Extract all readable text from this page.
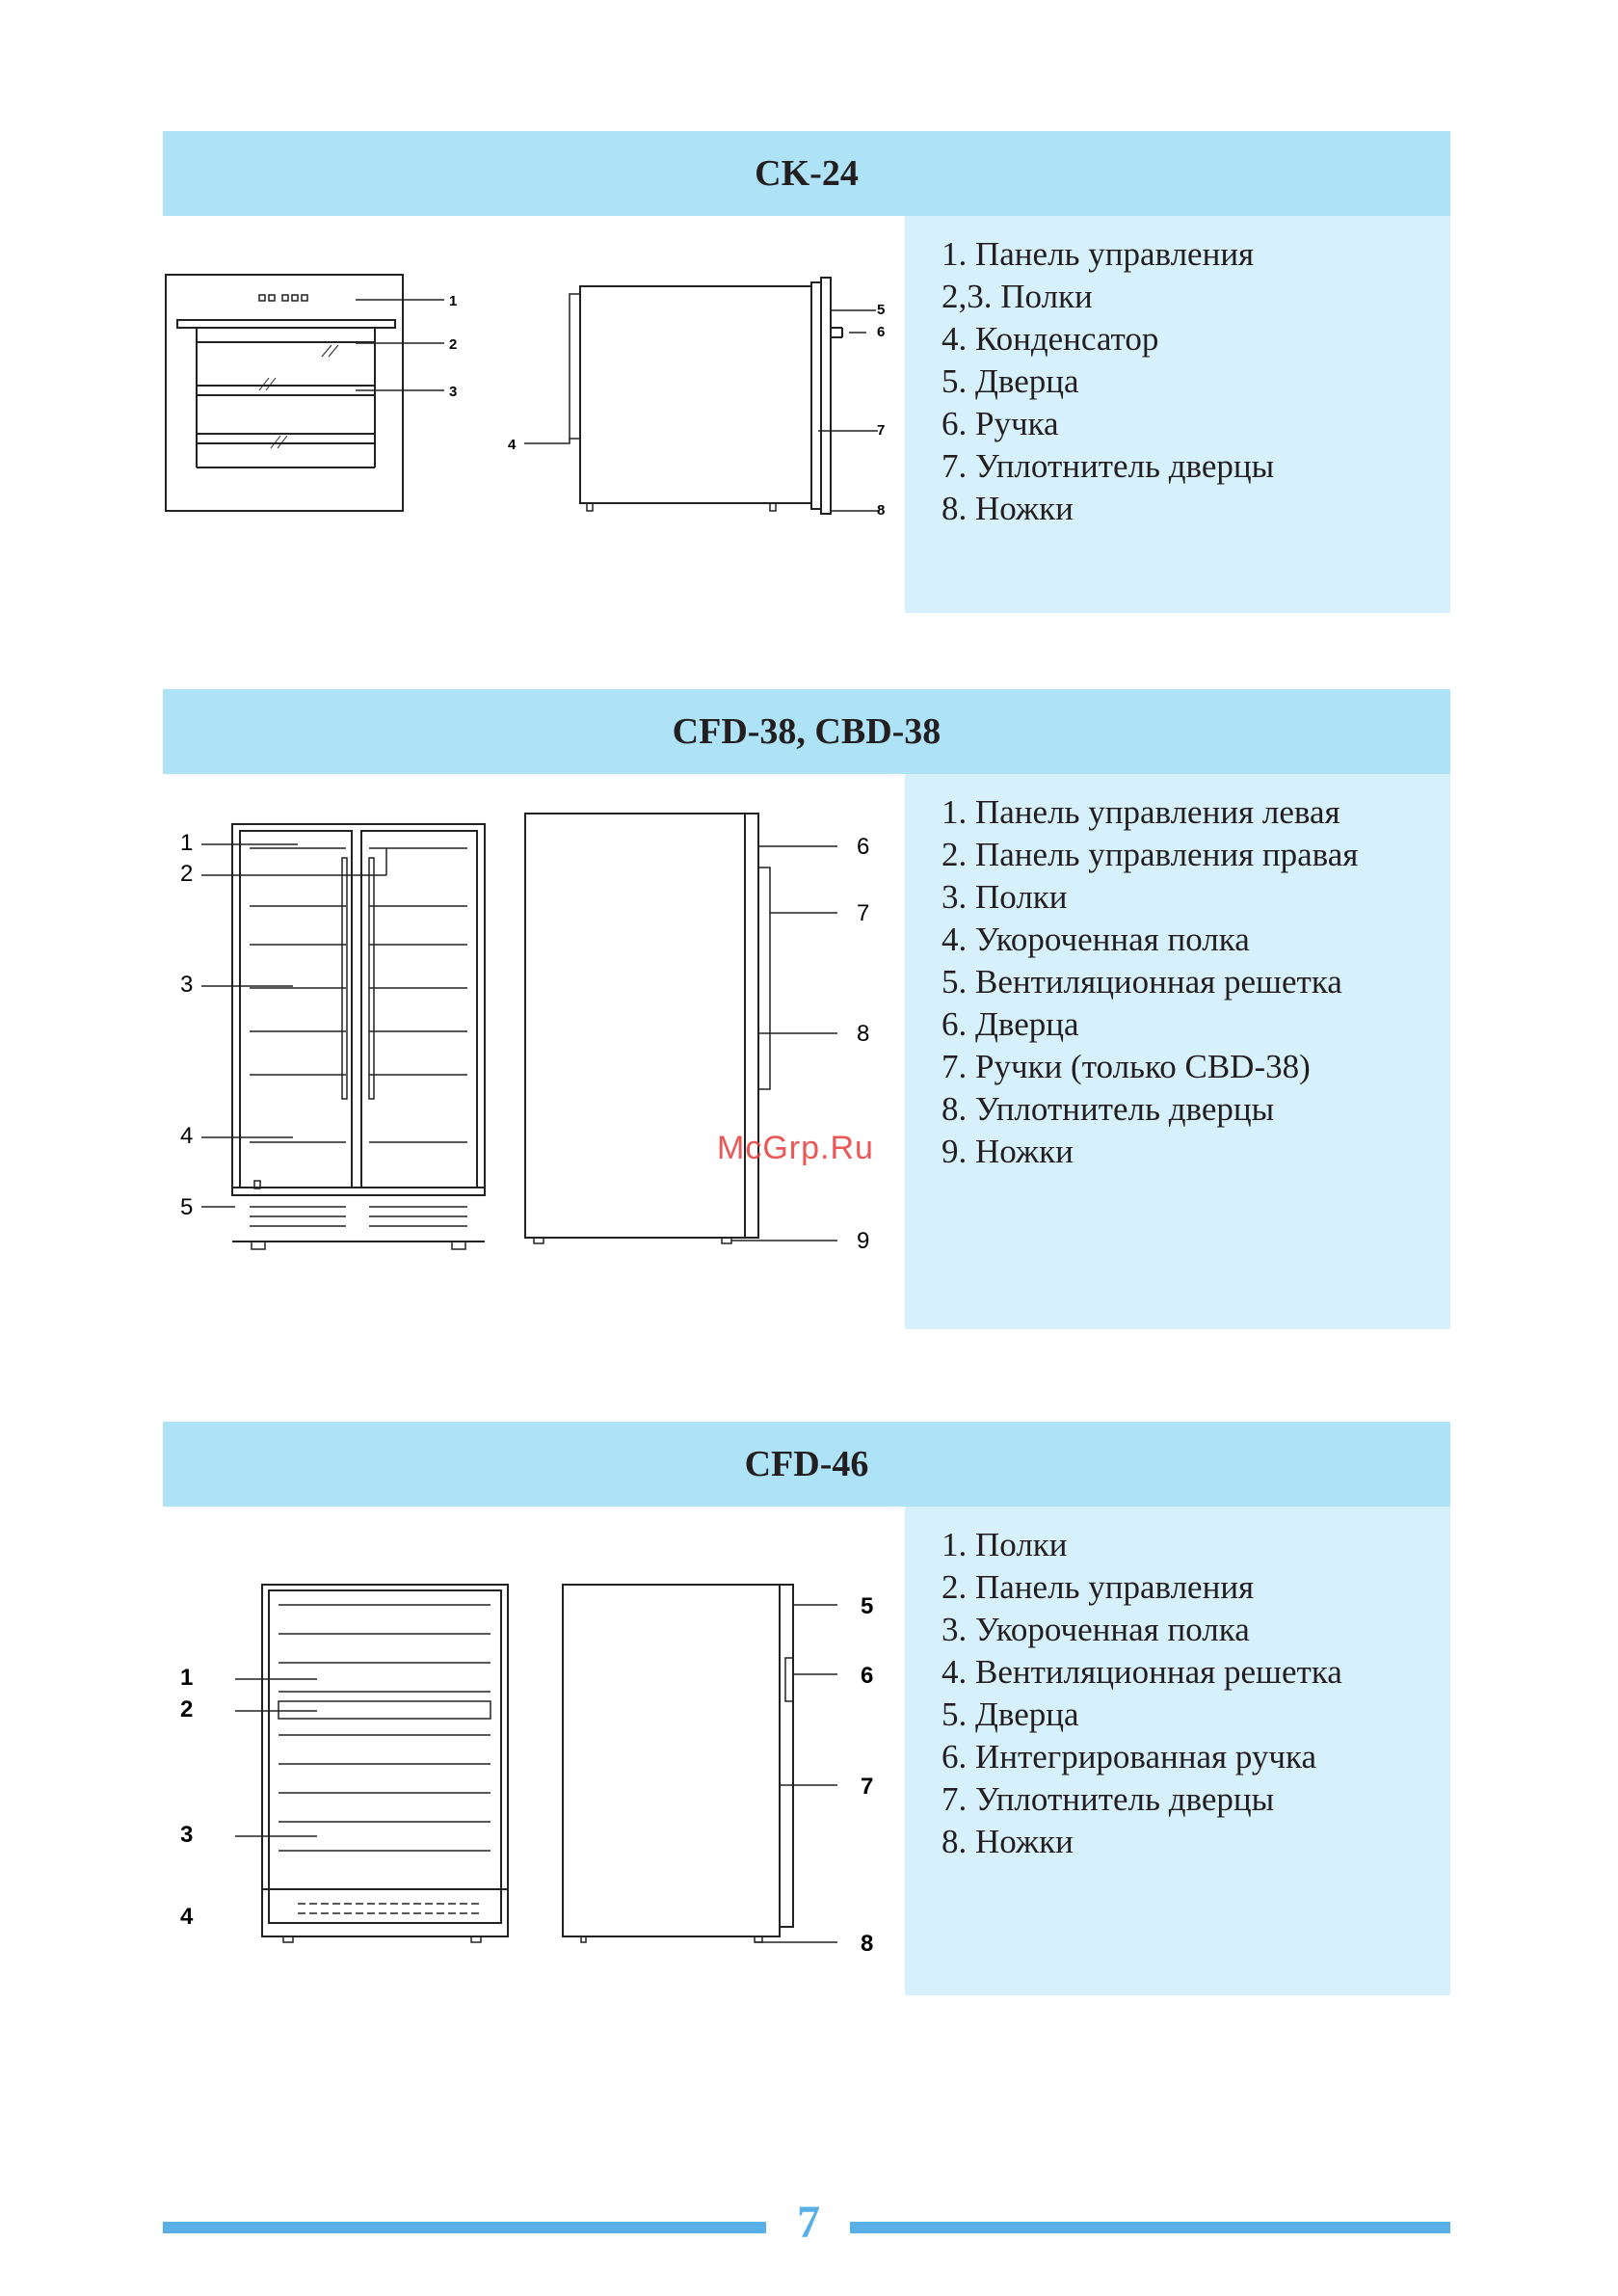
CK-24
1
2
3
4
5
6
7
8
1. Панель управления
2,3. Полки
4. Конденсатор
5. Дверца
6. Ручка
7. Уплотнитель дверцы
8. Ножки
CFD-38, CBD-38
1
2
3
4
5
6
7
8
9
1. Панель управления левая
2. Панель управления правая
3. Полки
4. Укороченная полка
5. Вентиляционная решетка
6. Дверца
7. Ручки (только CBD-38)
8. Уплотнитель дверцы
9. Ножки
McGrp.Ru
CFD-46
1
2
3
4
5
6
7
8
1. Полки
2. Панель управления
3. Укороченная полка
4. Вентиляционная решетка
5. Дверца
6. Интегрированная ручка
7. Уплотнитель дверцы
8. Ножки
7
